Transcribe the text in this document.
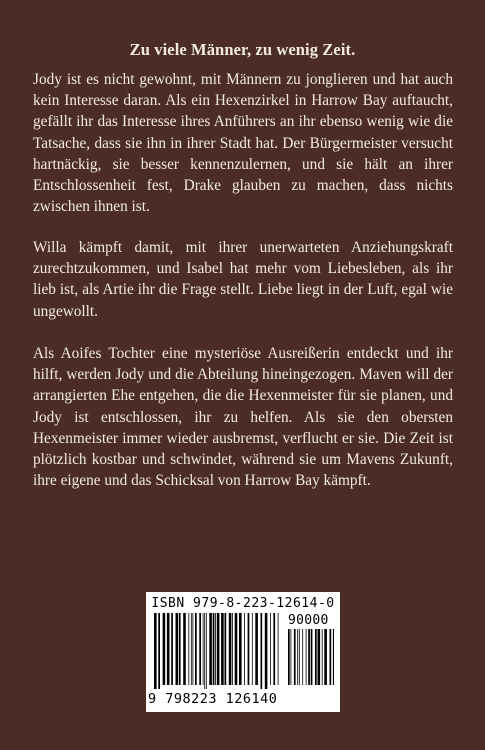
Zu viele Männer, zu wenig Zeit.
Jody ist es nicht gewohnt, mit Männern zu jonglieren und hat auch kein Interesse daran. Als ein Hexenzirkel in Harrow Bay auftaucht, gefällt ihr das Interesse ihres Anführers an ihr ebenso wenig wie die Tatsache, dass sie ihn in ihrer Stadt hat. Der Bürgermeister versucht hartnäckig, sie besser kennenzulernen, und sie hält an ihrer Entschlossenheit fest, Drake glauben zu machen, dass nichts zwischen ihnen ist.
Willa kämpft damit, mit ihrer unerwarteten Anziehungskraft zurechtzukommen, und Isabel hat mehr vom Liebesleben, als ihr lieb ist, als Artie ihr die Frage stellt. Liebe liegt in der Luft, egal wie ungewollt.
Als Aoifes Tochter eine mysteriöse Ausreißerin entdeckt und ihr hilft, werden Jody und die Abteilung hineingezogen. Maven will der arrangierten Ehe entgehen, die die Hexenmeister für sie planen, und Jody ist entschlossen, ihr zu helfen. Als sie den obersten Hexenmeister immer wieder ausbremst, verflucht er sie. Die Zeit ist plötzlich kostbar und schwindet, während sie um Mavens Zukunft, ihre eigene und das Schicksal von Harrow Bay kämpft.
ISBN 979-8-223-12614-0
90000
9 798223 126140
